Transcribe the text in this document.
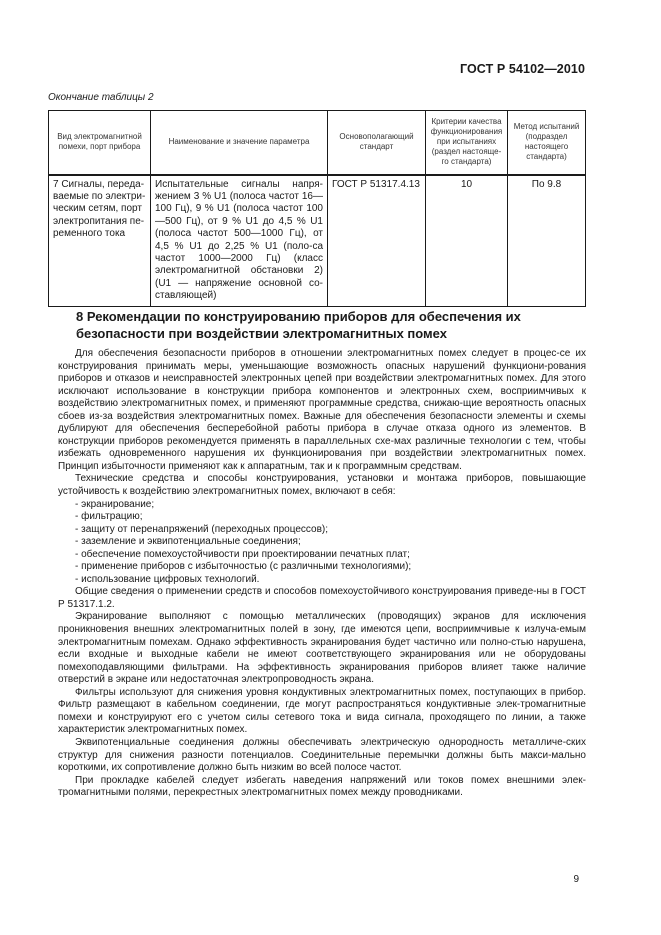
ГОСТ Р 54102—2010
Окончание таблицы 2
Вид электромагнитной помехи, порт прибора	Наименование и значение параметра	Основополагающий стандарт	Критерии качества функционирования при испытаниях (раздел настояще-го стандарта)	Метод испытаний (подраздел настоящего стандарта)
7 Сигналы, переда-ваемые по электри-ческим сетям, порт электропитания пе-ременного тока	Испытательные сигналы напря-жением 3 % U1 (полоса частот 16—100 Гц), 9 % U1 (полоса частот 100—500 Гц), от 9 % U1 до 4,5 % U1 (полоса частот 500—1000 Гц), от 4,5 % U1 до 2,25 % U1 (поло-са частот 1000—2000 Гц) (класс электромагнитной обстановки 2) (U1 — напряжение основной со-ставляющей)	ГОСТ Р 51317.4.13	10	По 9.8
8 Рекомендации по конструированию приборов для обеспечения их безопасности при воздействии электромагнитных помех

Для обеспечения безопасности приборов в отношении электромагнитных помех следует в процес-се их конструирования принимать меры, уменьшающие возможность опасных нарушений функциони-рования приборов и отказов и неисправностей электронных цепей при воздействии электромагнитных помех. Для этого исключают использование в конструкции прибора компонентов и электронных схем, восприимчивых к воздействию электромагнитных помех, и применяют программные средства, снижаю-щие вероятность опасных сбоев из-за воздействия электромагнитных помех. Важные для обеспечения безопасности элементы и схемы дублируют для обеспечения бесперебойной работы прибора в случае отказа одного из элементов. В конструкции приборов рекомендуется применять в параллельных схе-мах различные технологии с тем, чтобы избежать одновременного нарушения их функционирования при воздействии электромагнитных помех. Принцип избыточности применяют как к аппаратным, так и к программным средствам.

Технические средства и способы конструирования, установки и монтажа приборов, повышающие устойчивость к воздействию электромагнитных помех, включают в себя:

- экранирование;
- фильтрацию;
- защиту от перенапряжений (переходных процессов);
- заземление и эквипотенциальные соединения;
- обеспечение помехоустойчивости при проектировании печатных плат;
- применение приборов с избыточностью (с различными технологиями);
- использование цифровых технологий.

Общие сведения о применении средств и способов помехоустойчивого конструирования приведе-ны в ГОСТ Р 51317.1.2.

Экранирование выполняют с помощью металлических (проводящих) экранов для исключения проникновения внешних электромагнитных полей в зону, где имеются цепи, восприимчивые к излуча-емым электромагнитным помехам. Однако эффективность экранирования будет частично или полно-стью нарушена, если входные и выходные кабели не имеют соответствующего экранирования или не оборудованы помехоподавляющими фильтрами. На эффективность экранирования приборов влияет также наличие отверстий в экране или недостаточная электропроводность экрана.

Фильтры используют для снижения уровня кондуктивных электромагнитных помех, поступающих в прибор. Фильтр размещают в кабельном соединении, где могут распространяться кондуктивные элек-тромагнитные помехи и конструируют его с учетом силы сетевого тока и вида сигнала, проходящего по линии, а также характеристик электромагнитных помех.

Эквипотенциальные соединения должны обеспечивать электрическую однородность металличе-ских структур для снижения разности потенциалов. Соединительные перемычки должны быть макси-мально короткими, их сопротивление должно быть низким во всей полосе частот.

При прокладке кабелей следует избегать наведения напряжений или токов помех внешними элек-тромагнитными полями, перекрестных электромагнитных помех между проводниками.

9
